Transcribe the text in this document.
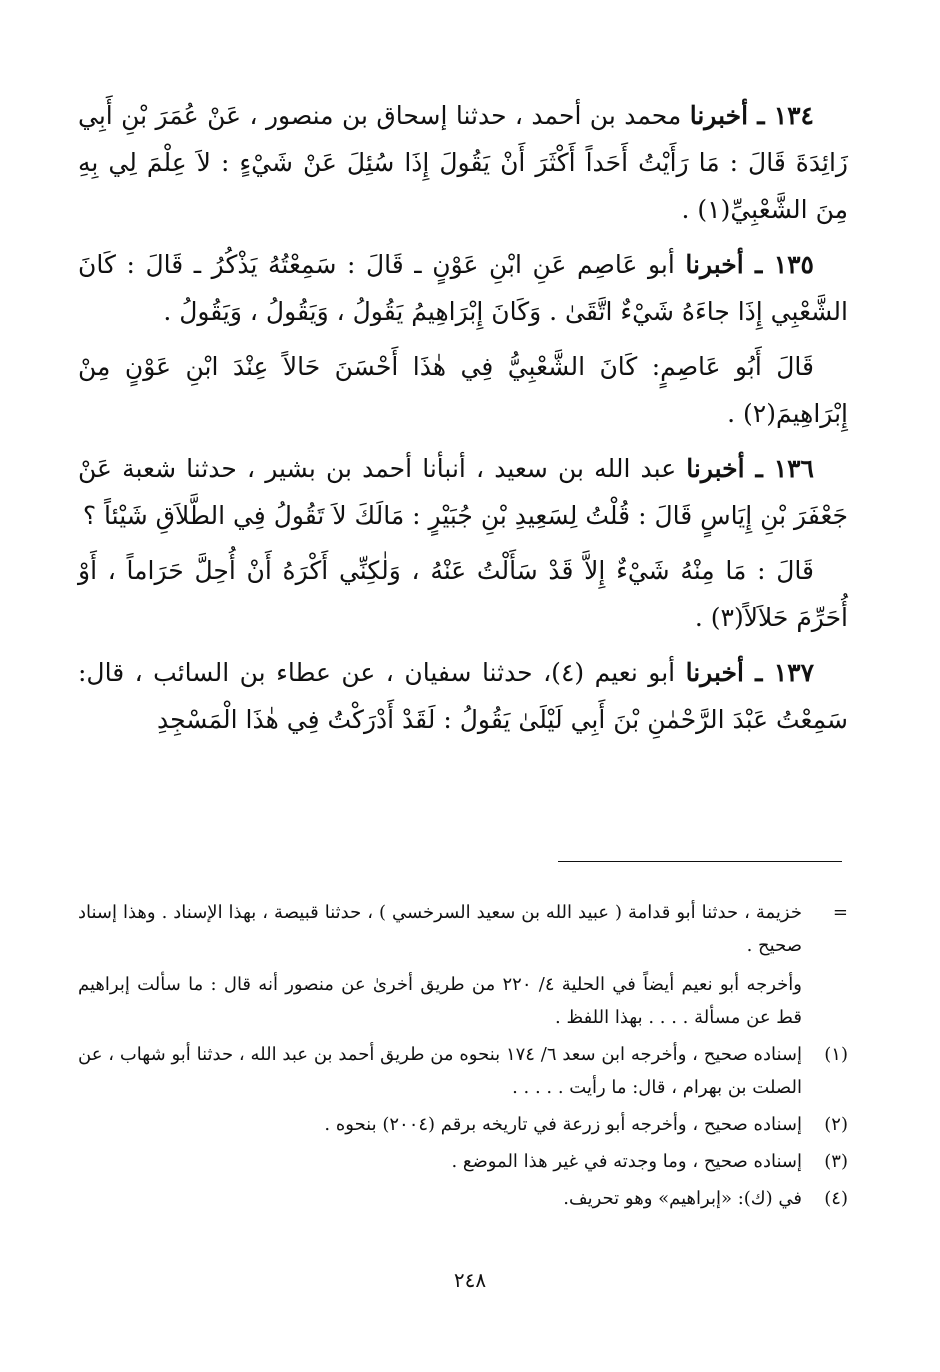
١٣٤ ـ أخبرنا محمد بن أحمد ، حدثنا إسحاق بن منصور ، عَنْ عُمَرَ بْنِ أَبِي زَائِدَةَ قَالَ : مَا رَأَيْتُ أَحَداً أَكْثَرَ أَنْ يَقُولَ إِذَا سُئِلَ عَنْ شَيْءٍ : لاَ عِلْمَ لِي بِهِ مِنَ الشَّعْبِيِّ(١) .

١٣٥ ـ أخبرنا أبو عَاصِم عَنِ ابْنِ عَوْنٍ ـ قَالَ : سَمِعْتُهُ يَذْكُرُ ـ قَالَ : كَانَ الشَّعْبِي إِذَا جاءَهُ شَيْءٌ اتَّقَىٰ . وَكَانَ إِبْرَاهِيمُ يَقُولُ ، وَيَقُولُ ، وَيَقُولُ .

قَالَ أَبُو عَاصِمٍ: كَانَ الشَّعْبِيُّ فِي هٰذَا أَحْسَنَ حَالاً عِنْدَ ابْنِ عَوْنٍ مِنْ إِبْرَاهِيمَ(٢) .

١٣٦ ـ أخبرنا عبد الله بن سعيد ، أنبأنا أحمد بن بشير ، حدثنا شعبة عَنْ جَعْفَرَ بْنِ إِيَاسٍ قَالَ : قُلْتُ لِسَعِيدِ بْنِ جُبَيْرٍ : مَالَكَ لاَ تَقُولُ فِي الطَّلاَقِ شَيْئاً ؟

قَالَ : مَا مِنْهُ شَيْءٌ إِلاَّ قَدْ سَأَلْتُ عَنْهُ ، وَلٰكِنِّي أَكْرَهُ أَنْ أُحِلَّ حَرَاماً ، أَوْ أُحَرِّمَ حَلاَلاً(٣) .

١٣٧ ـ أخبرنا أبو نعيم (٤)، حدثنا سفيان ، عن عطاء بن السائب ، قال: سَمِعْتُ عَبْدَ الرَّحْمٰنِ بْنَ أَبِي لَيْلَىٰ يَقُولُ : لَقَدْ أَدْرَكْتُ فِي هٰذَا الْمَسْجِدِ

=
خزيمة ، حدثنا أبو قدامة ( عبيد الله بن سعيد السرخسي ) ، حدثنا قبيصة ، بهذا الإسناد . وهذا إسناد صحيح .
وأخرجه أبو نعيم أيضاً في الحلية ٤/ ٢٢٠ من طريق أخرىٰ عن منصور أنه قال : ما سألت إبراهيم قط عن مسألة . . . . بهذا اللفظ .
(١)
إسناده صحيح ، وأخرجه ابن سعد ٦/ ١٧٤ بنحوه من طريق أحمد بن عبد الله ، حدثنا أبو شهاب ، عن الصلت بن بهرام ، قال: ما رأيت . . . . .
(٢)
إسناده صحيح ، وأخرجه أبو زرعة في تاريخه برقم (٢٠٠٤) بنحوه .
(٣)
إسناده صحيح ، وما وجدته في غير هذا الموضع .
(٤)
في (ك): «إبراهيم» وهو تحريف.
٢٤٨
